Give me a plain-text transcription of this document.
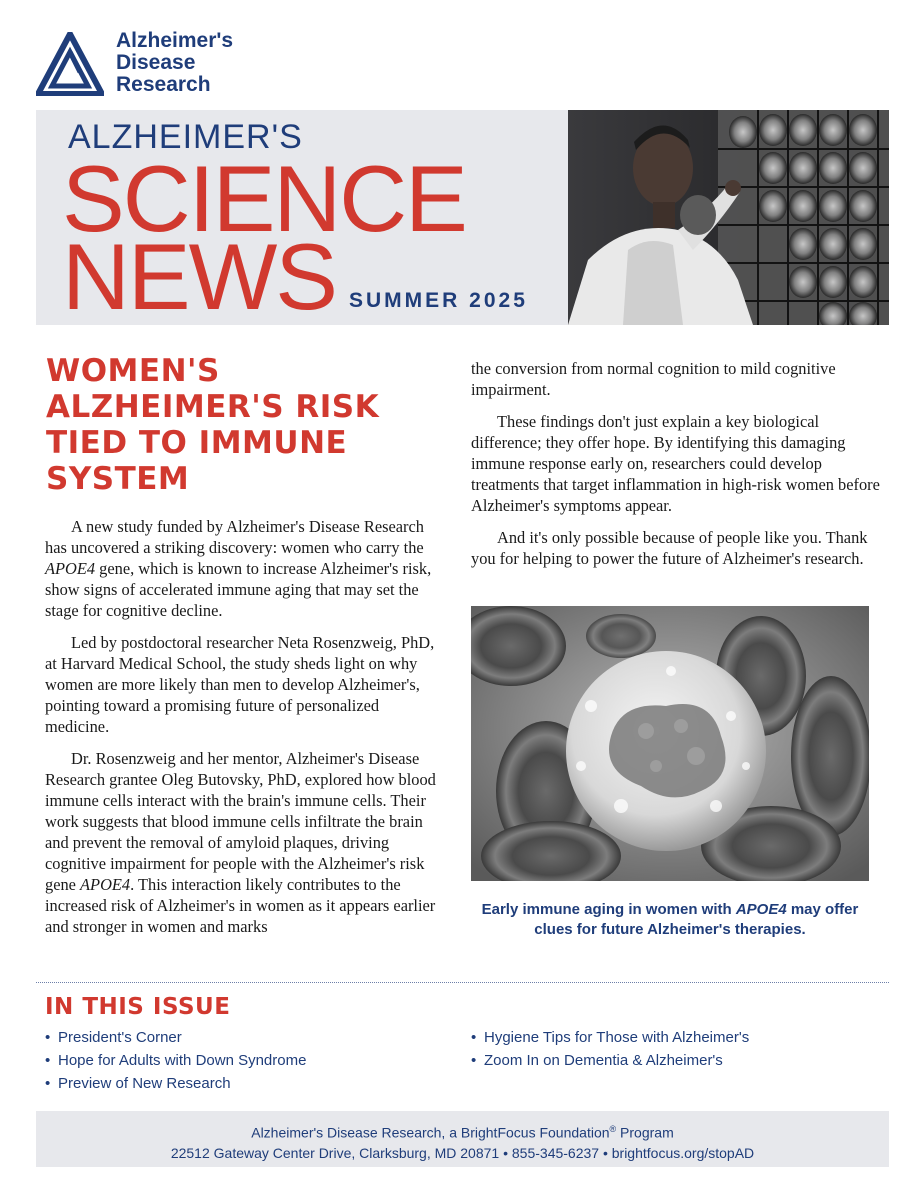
Alzheimer's
Disease
Research
ALZHEIMER'S
SCIENCE
NEWS SUMMER 2025
WOMEN'S ALZHEIMER'S RISK TIED TO IMMUNE SYSTEM

A new study funded by Alzheimer's Disease Research has uncovered a striking discovery: women who carry the APOE4 gene, which is known to increase Alzheimer's risk, show signs of accelerated immune aging that may set the stage for cognitive decline.

Led by postdoctoral researcher Neta Rosenzweig, PhD, at Harvard Medical School, the study sheds light on why women are more likely than men to develop Alzheimer's, pointing toward a promising future of personalized medicine.

Dr. Rosenzweig and her mentor, Alzheimer's Disease Research grantee Oleg Butovsky, PhD, explored how blood immune cells interact with the brain's immune cells. Their work suggests that blood immune cells infiltrate the brain and prevent the removal of amyloid plaques, driving cognitive impairment for people with the Alzheimer's risk gene APOE4. This interaction likely contributes to the increased risk of Alzheimer's in women as it appears earlier and stronger in women and marks

the conversion from normal cognition to mild cognitive impairment.

These findings don't just explain a key biological difference; they offer hope. By identifying this damaging immune response early on, researchers could develop treatments that target inflammation in high-risk women before Alzheimer's symptoms appear.

And it's only possible because of people like you. Thank you for helping to power the future of Alzheimer's research.

Early immune aging in women with APOE4 may offer clues for future Alzheimer's therapies.
IN THIS ISSUE
• President's Corner
• Hope for Adults with Down Syndrome
• Preview of New Research
• Hygiene Tips for Those with Alzheimer's
• Zoom In on Dementia & Alzheimer's
Alzheimer's Disease Research, a BrightFocus Foundation® Program
22512 Gateway Center Drive, Clarksburg, MD 20871 • 855-345-6237 • brightfocus.org/stopAD
